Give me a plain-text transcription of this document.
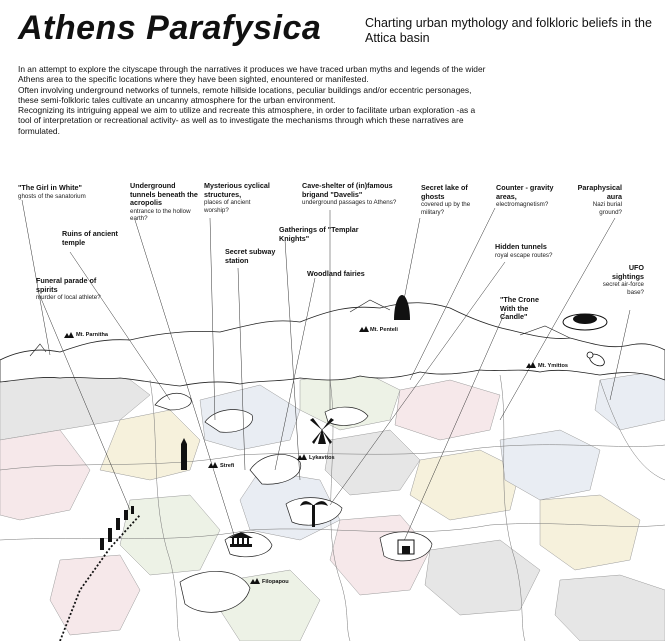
Athens Parafysica	Charting urban mythology and folkloric beliefs in the Attica basin

In an attempt to explore the cityscape through the narratives it produces we have traced urban myths and legends of the wider Athens area to the specific locations where they have been sighted, enountered or manifested.

Often involving underground networks of tunnels, remote hillside locations, peculiar buildings and/or eccentric personages, these semi-folkloric tales cultivate an uncanny atmosphere for the urban environment.

Recognizing its intriguing appeal we aim to utilize and recreate this atmosphere, in order to facilitate urban exploration -as a tool of interpretation or recreational activity- as well as to investigate the mechanisms through which these narratives are formulated.

Mt. Parnitha
Mt. Penteli
Mt. Ymittos
Lykavitos
Strefi
Filopapou
"The Girl in White"
ghosts of the sanatorium
Ruins of ancient temple
Funeral parade of spirits
murder of local athlete?
Underground tunnels beneath the acropolis
entrance to the hollow earth?
Mysterious cyclical structures,
places of ancient worship?
Secret subway station
Gatherings of "Templar Knights"
Woodland fairies
Cave-shelter of (in)famous brigand "Davelis"
underground passages to Athens?
Secret lake of ghosts
covered up by the military?
Counter - gravity areas,
electromagnetism?
Paraphysical aura
Nazi burial ground?
Hidden tunnels
royal escape routes?
"The Crone With the Candle"
UFO sightings
secret air-force base?
